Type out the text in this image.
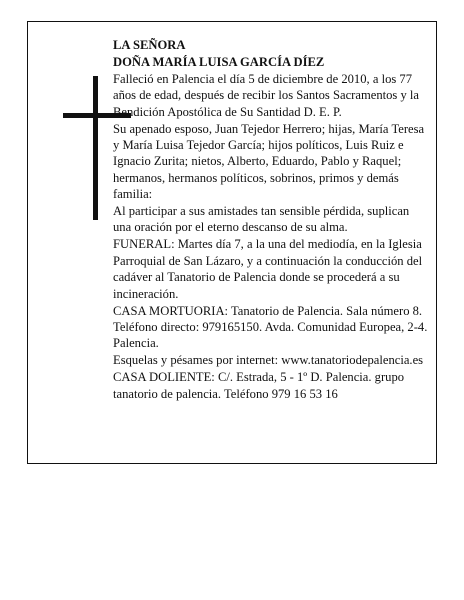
LA SEÑORA

DOÑA MARÍA LUISA GARCÍA DÍEZ

Falleció en Palencia el día 5 de diciembre de 2010, a los 77 años de edad, después de recibir los Santos Sacramentos y la Bendición Apostólica de Su Santidad D. E. P.

Su apenado esposo, Juan Tejedor Herrero; hijas, María Teresa y María Luisa Tejedor García; hijos políticos, Luis Ruiz e Ignacio Zurita; nietos, Alberto, Eduardo, Pablo y Raquel; hermanos, hermanos políticos, sobrinos, primos y demás familia:

Al participar a sus amistades tan sensible pérdida, suplican una oración por el eterno descanso de su alma.

FUNERAL: Martes día 7, a la una del mediodía, en la Iglesia Parroquial de San Lázaro, y a continuación la conducción del cadáver al Tanatorio de Palencia donde se procederá a su incineración.

CASA MORTUORIA: Tanatorio de Palencia. Sala número 8. Teléfono directo: 979165150. Avda. Comunidad Europea, 2-4. Palencia.

Esquelas y pésames por internet: www.tanatoriodepalencia.es

CASA DOLIENTE: C/. Estrada, 5 - 1º D. Palencia. grupo tanatorio de palencia. Teléfono 979 16 53 16
